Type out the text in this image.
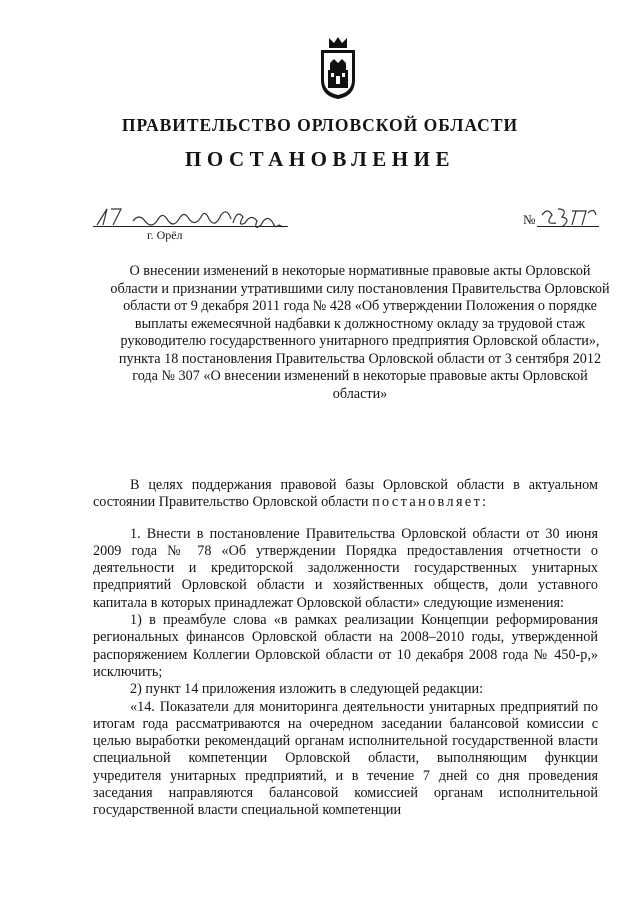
ПРАВИТЕЛЬСТВО ОРЛОВСКОЙ ОБЛАСТИ
ПОСТАНОВЛЕНИЕ
г. Орёл
№

О внесении изменений в некоторые нормативные правовые акты Орловской области и признании утратившими силу постановления Правительства Орловской области от 9 декабря 2011 года № 428 «Об утверждении Положения о порядке выплаты ежемесячной надбавки к должностному окладу за трудовой стаж руководителю государственного унитарного предприятия Орловской области», пункта 18 постановления Правительства Орловской области от 3 сентября 2012 года № 307 «О внесении изменений в некоторые правовые акты Орловской области»

В целях поддержания правовой базы Орловской области в актуальном состоянии Правительство Орловской области постановляет:

1. Внести в постановление Правительства Орловской области от 30 июня 2009 года № 78 «Об утверждении Порядка предоставления отчетности о деятельности и кредиторской задолженности государственных унитарных предприятий Орловской области и хозяйственных обществ, доли уставного капитала в которых принадлежат Орловской области» следующие изменения:

1) в преамбуле слова «в рамках реализации Концепции реформирования региональных финансов Орловской области на 2008–2010 годы, утвержденной распоряжением Коллегии Орловской области от 10 декабря 2008 года № 450-р,» исключить;

2) пункт 14 приложения изложить в следующей редакции:

«14. Показатели для мониторинга деятельности унитарных предприятий по итогам года рассматриваются на очередном заседании балансовой комиссии с целью выработки рекомендаций органам исполнительной государственной власти специальной компетенции Орловской области, выполняющим функции учредителя унитарных предприятий, и в течение 7 дней со дня проведения заседания направляются балансовой комиссией органам исполнительной государственной власти специальной компетенции
